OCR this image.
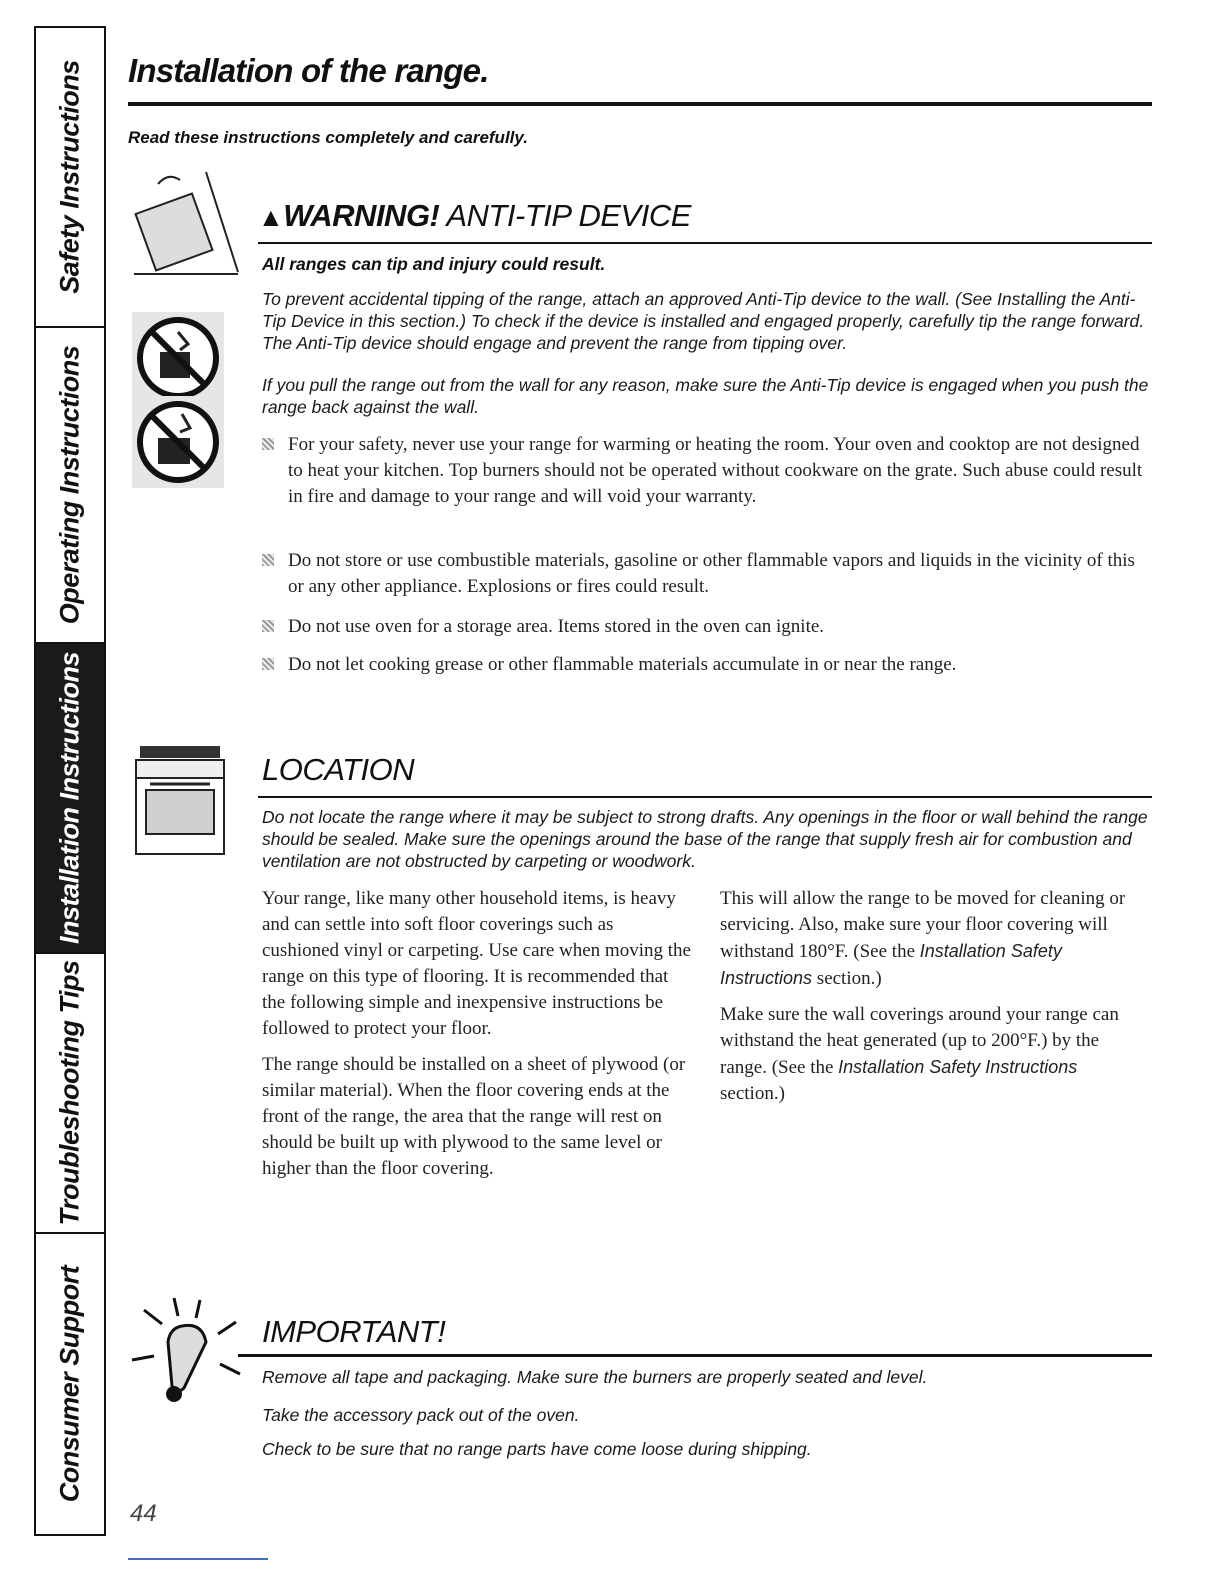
Safety Instructions
Operating Instructions
Installation Instructions
Troubleshooting Tips
Consumer Support
Installation of the range.
Read these instructions completely and carefully.
▲WARNING! ANTI-TIP DEVICE
All ranges can tip and injury could result.
To prevent accidental tipping of the range, attach an approved Anti-Tip device to the wall. (See Installing the Anti-Tip Device in this section.) To check if the device is installed and engaged properly, carefully tip the range forward. The Anti-Tip device should engage and prevent the range from tipping over.
If you pull the range out from the wall for any reason, make sure the Anti-Tip device is engaged when you push the range back against the wall.
For your safety, never use your range for warming or heating the room. Your oven and cooktop are not designed to heat your kitchen. Top burners should not be operated without cookware on the grate. Such abuse could result in fire and damage to your range and will void your warranty.
Do not store or use combustible materials, gasoline or other flammable vapors and liquids in the vicinity of this or any other appliance. Explosions or fires could result.
Do not use oven for a storage area. Items stored in the oven can ignite.
Do not let cooking grease or other flammable materials accumulate in or near the range.
LOCATION
Do not locate the range where it may be subject to strong drafts. Any openings in the floor or wall behind the range should be sealed. Make sure the openings around the base of the range that supply fresh air for combustion and ventilation are not obstructed by carpeting or woodwork.

Your range, like many other household items, is heavy and can settle into soft floor coverings such as cushioned vinyl or carpeting. Use care when moving the range on this type of flooring. It is recommended that the following simple and inexpensive instructions be followed to protect your floor.

The range should be installed on a sheet of plywood (or similar material). When the floor covering ends at the front of the range, the area that the range will rest on should be built up with plywood to the same level or higher than the floor covering.

This will allow the range to be moved for cleaning or servicing. Also, make sure your floor covering will withstand 180°F. (See the Installation Safety Instructions section.)

Make sure the wall coverings around your range can withstand the heat generated (up to 200°F.) by the range. (See the Installation Safety Instructions section.)

IMPORTANT!
Remove all tape and packaging. Make sure the burners are properly seated and level.
Take the accessory pack out of the oven.
Check to be sure that no range parts have come loose during shipping.
44
